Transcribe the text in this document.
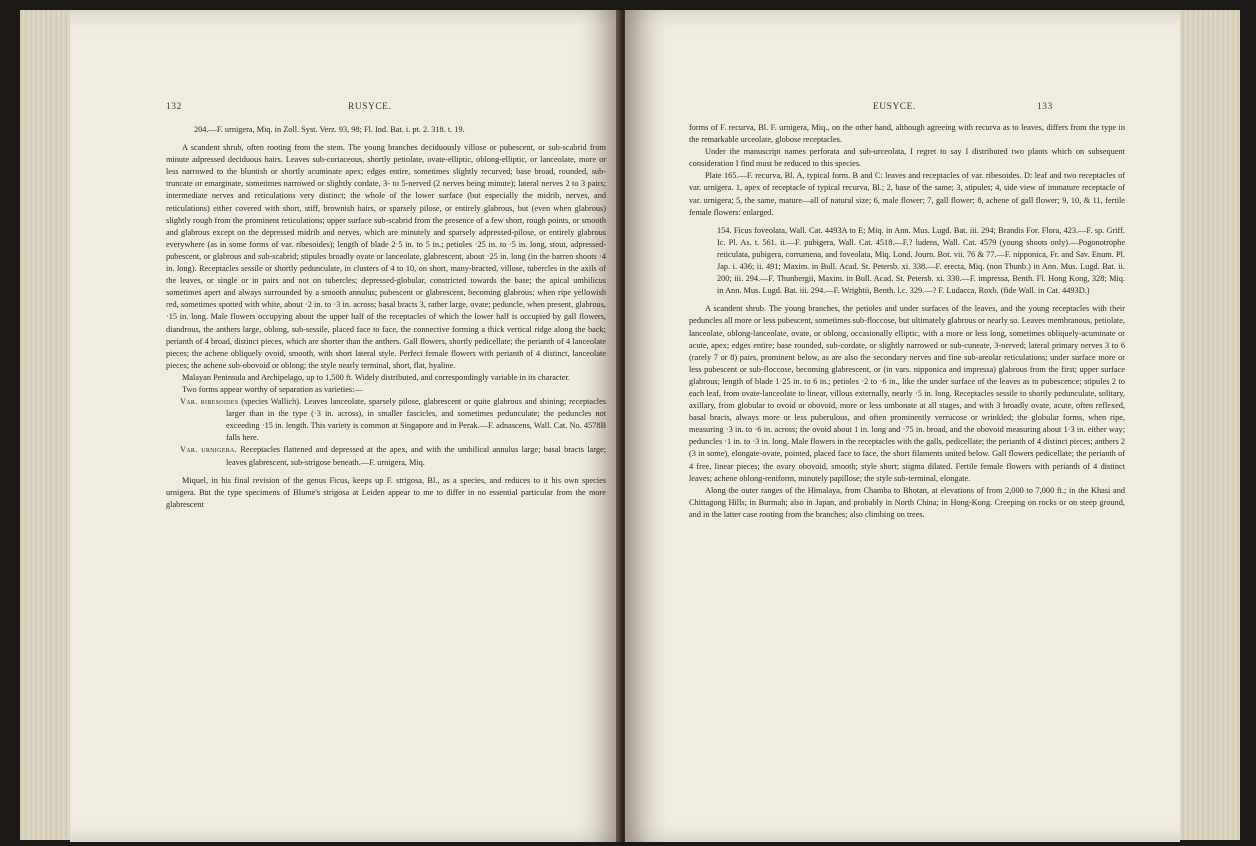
132	RUSYCE.

204.—F. urnigera, Miq. in Zoll. Syst. Verz. 93, 98; Fl. Ind. Bat. i. pt. 2. 318. t. 19.

A scandent shrub, often rooting from the stem. The young branches deciduously villose or pubescent, or sub-scabrid from minute adpressed deciduous hairs. Leaves sub-coriaceous, shortly petiolate, ovate-elliptic, oblong-elliptic, or lanceolate, more or less narrowed to the bluntish or shortly acuminate apex; edges entire, sometimes slightly recurved; base broad, rounded, sub-truncate or emarginate, sometimes narrowed or slightly cordate, 3- to 5-nerved (2 nerves being minute); lateral nerves 2 to 3 pairs; intermediate nerves and reticulations very distinct; the whole of the lower surface (but especially the midrib, nerves, and reticulations) either covered with short, stiff, brownish hairs, or sparsely pilose, or entirely glabrous, but (even when glabrous) slightly rough from the prominent reticulations; upper surface sub-scabrid from the presence of a few short, rough points, or smooth and glabrous except on the depressed midrib and nerves, which are minutely and sparsely adpressed-pilose, or entirely glabrous everywhere (as in some forms of var. ribesoides); length of blade 2·5 in. to 5 in.; petioles ·25 in. to ·5 in. long, stout, adpressed-pubescent, or glabrous and sub-scabrid; stipules broadly ovate or lanceolate, glabrescent, about ·25 in. long (in the barren shoots ·4 in. long). Receptacles sessile or shortly pedunculate, in clusters of 4 to 10, on short, many-bracted, villose, tubercles in the axils of the leaves, or single or in pairs and not on tubercles; depressed-globular, constricted towards the base; the apical umbilicus sometimes apert and always surrounded by a smooth annulus; pubescent or glabrescent, becoming glabrous; when ripe yellowish red, sometimes spotted with white, about ·2 in. to ·3 in. across; basal bracts 3, rather large, ovate; peduncle, when present, glabrous, ·15 in. long. Male flowers occupying about the upper half of the receptacles of which the lower half is occupied by gall flowers, diandrous, the anthers large, oblong, sub-sessile, placed face to face, the connective forming a thick vertical ridge along the back; perianth of 4 broad, distinct pieces, which are shorter than the anthers. Gall flowers, shortly pedicellate; the perianth of 4 lanceolate pieces; the achene obliquely ovoid, smooth, with short lateral style. Perfect female flowers with perianth of 4 distinct, lanceolate pieces; the achene sub-obovoid or oblong; the style nearly terminal, short, flat, hyaline.

Malayan Peninsula and Archipelago, up to 1,500 ft. Widely distributed, and correspondingly variable in its character.

Two forms appear worthy of separation as varieties:—

Var. ribesoides (species Wallich). Leaves lanceolate, sparsely pilose, glabrescent or quite glabrous and shining; receptacles larger than in the type (·3 in. across), in smaller fascicles, and sometimes pedunculate; the peduncles not exceeding ·15 in. length. This variety is common at Singapore and in Perak.—F. adnascens, Wall. Cat. No. 4578B falls here.

Var. urnigera. Receptacles flattened and depressed at the apex, and with the umbilical annulus large; basal bracts large; leaves glabrescent, sub-strigose beneath.—F. urnigera, Miq.

Miquel, in his final revision of the genus Ficus, keeps up F. strigosa, Bl., as a species, and reduces to it his own species urnigera. But the type specimens of Blume's strigosa at Leiden appear to me to differ in no essential particular from the more glabrescent

EUSYCE.	133

forms of F. recurva, Bl. F. urnigera, Miq., on the other hand, although agreeing with recurva as to leaves, differs from the type in the remarkable urceolate, globose receptacles.

Under the manuscript names perforata and sub-urceolata, I regret to say I distributed two plants which on subsequent consideration I find must be reduced to this species.

Plate 165.—F. recurva, Bl. A, typical form. B and C: leaves and receptacles of var. ribesoides. D: leaf and two receptacles of var. urnigera. 1, apex of receptacle of typical recurva, Bl.; 2, base of the same; 3, stipules; 4, side view of immature receptacle of var. urnigera; 5, the same, mature—all of natural size; 6, male flower; 7, gall flower; 8, achene of gall flower; 9, 10, & 11, fertile female flowers: enlarged.

154. Ficus foveolata, Wall. Cat. 4493A to E; Miq. in Ann. Mus. Lugd. Bat. iii. 294; Brandis For. Flora, 423.—F. sp. Griff. Ic. Pl. As. t. 561. ii.—F. pubigera, Wall. Cat. 4518.—F.? ludens, Wall. Cat. 4579 (young shoots only).—Pogonotrophe reticulata, pubigera, corrumena, and foveolata, Miq. Lond. Journ. Bot. vii. 76 & 77.—F. nipponica, Fr. and Sav. Enum. Pl. Jap. i. 436; ii. 491; Maxim. in Bull. Acad. St. Petersb. xi. 338.—F. erecta, Miq. (non Thunb.) in Ann. Mus. Lugd. Bat. ii. 200; iii. 294.—F. Thunbergii, Maxim. in Bull. Acad. St. Petersb. xi. 330.—F. impressa, Benth. Fl. Hong Kong, 328; Miq. in Ann. Mus. Lugd. Bat. iii. 294.—F. Wrightii, Benth. l.c. 329.—? F. Ludacca, Roxb. (fide Wall. in Cat. 4493D.)

A scandent shrub. The young branches, the petioles and under surfaces of the leaves, and the young receptacles with their peduncles all more or less pubescent, sometimes sub-floccose, but ultimately glabrous or nearly so. Leaves membranous, petiolate, lanceolate, oblong-lanceolate, ovate, or oblong, occasionally elliptic, with a more or less long, sometimes obliquely-acuminate or acute, apex; edges entire; base rounded, sub-cordate, or slightly narrowed or sub-cuneate, 3-nerved; lateral primary nerves 3 to 6 (rarely 7 or 8) pairs, prominent below, as are also the secondary nerves and fine sub-areolar reticulations; under surface more or less pubescent or sub-floccose, becoming glabrescent, or (in vars. nipponica and impressa) glabrous from the first; upper surface glabrous; length of blade 1·25 in. to 6 in.; petioles ·2 to ·6 in., like the under surface of the leaves as to pubescence; stipules 2 to each leaf, from ovate-lanceolate to linear, villous externally, nearly ·5 in. long. Receptacles sessile to shortly pedunculate, solitary, axillary, from globular to ovoid or obovoid, more or less umbonate at all stages, and with 3 broadly ovate, acute, often reflexed, basal bracts, always more or less puberulous, and often prominently verrucose or wrinkled; the globular forms, when ripe, measuring ·3 in. to ·6 in. across; the ovoid about 1 in. long and ·75 in. broad, and the obovoid measuring about 1·3 in. either way; peduncles ·1 in. to ·3 in. long. Male flowers in the receptacles with the galls, pedicellate; the perianth of 4 distinct pieces; anthers 2 (3 in some), elongate-ovate, pointed, placed face to face, the short filaments united below. Gall flowers pedicellate; the perianth of 4 free, linear pieces; the ovary obovoid, smooth; style short; stigma dilated. Fertile female flowers with perianth of 4 distinct leaves; achene oblong-reniform, minutely papillose; the style sub-terminal, elongate.

Along the outer ranges of the Himalaya, from Chamba to Bhotan, at elevations of from 2,000 to 7,000 ft.; in the Khasi and Chittagong Hills; in Burmah; also in Japan, and probably in North China; in Hong-Kong. Creeping on rocks or on steep ground, and in the latter case rooting from the branches; also climbing on trees.
